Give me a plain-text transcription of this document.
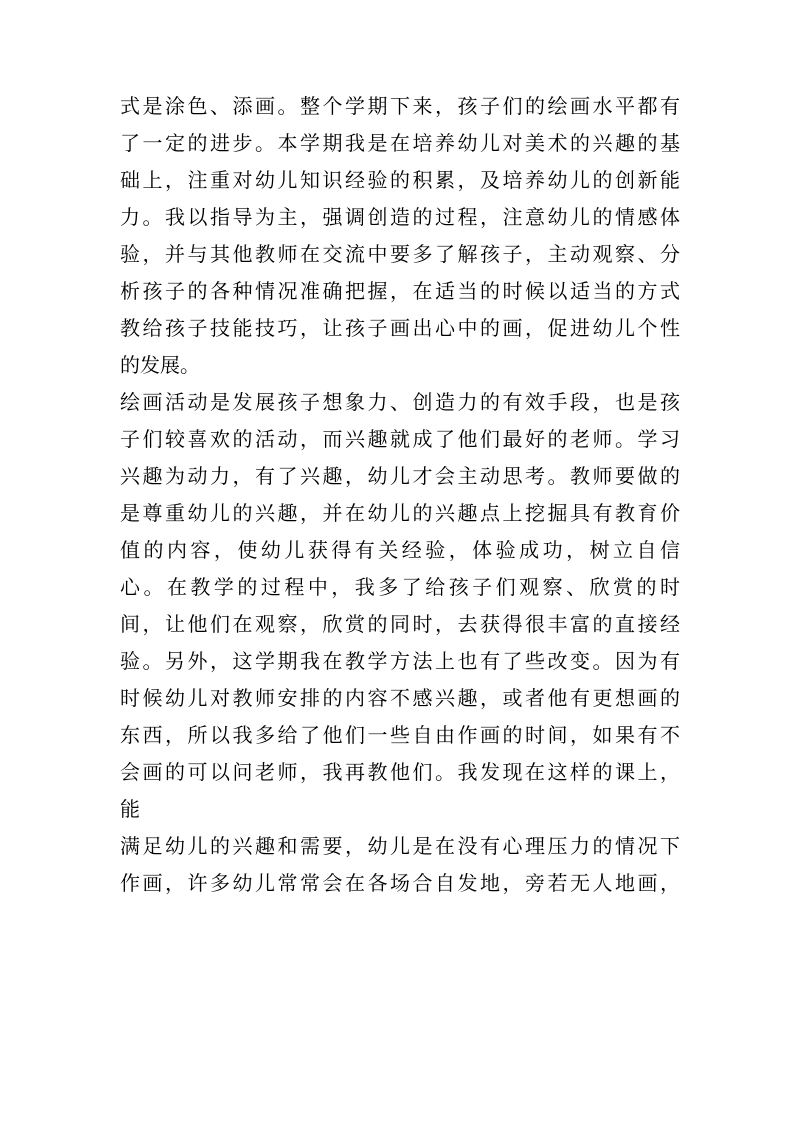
式是涂色、添画。整个学期下来，孩子们的绘画水平都有
了一定的进步。本学期我是在培养幼儿对美术的兴趣的基
础上，注重对幼儿知识经验的积累，及培养幼儿的创新能
力。我以指导为主，强调创造的过程，注意幼儿的情感体
验，并与其他教师在交流中要多了解孩子，主动观察、分
析孩子的各种情况准确把握，在适当的时候以适当的方式
教给孩子技能技巧，让孩子画出心中的画，促进幼儿个性
的发展。
绘画活动是发展孩子想象力、创造力的有效手段，也是孩
子们较喜欢的活动，而兴趣就成了他们最好的老师。学习
兴趣为动力，有了兴趣，幼儿才会主动思考。教师要做的
是尊重幼儿的兴趣，并在幼儿的兴趣点上挖掘具有教育价
值的内容，使幼儿获得有关经验，体验成功，树立自信
心。在教学的过程中，我多了给孩子们观察、欣赏的时
间，让他们在观察，欣赏的同时，去获得很丰富的直接经
验。另外，这学期我在教学方法上也有了些改变。因为有
时候幼儿对教师安排的内容不感兴趣，或者他有更想画的
东西，所以我多给了他们一些自由作画的时间，如果有不
会画的可以问老师，我再教他们。我发现在这样的课上，
能
满足幼儿的兴趣和需要，幼儿是在没有心理压力的情况下
作画，许多幼儿常常会在各场合自发地，旁若无人地画，
